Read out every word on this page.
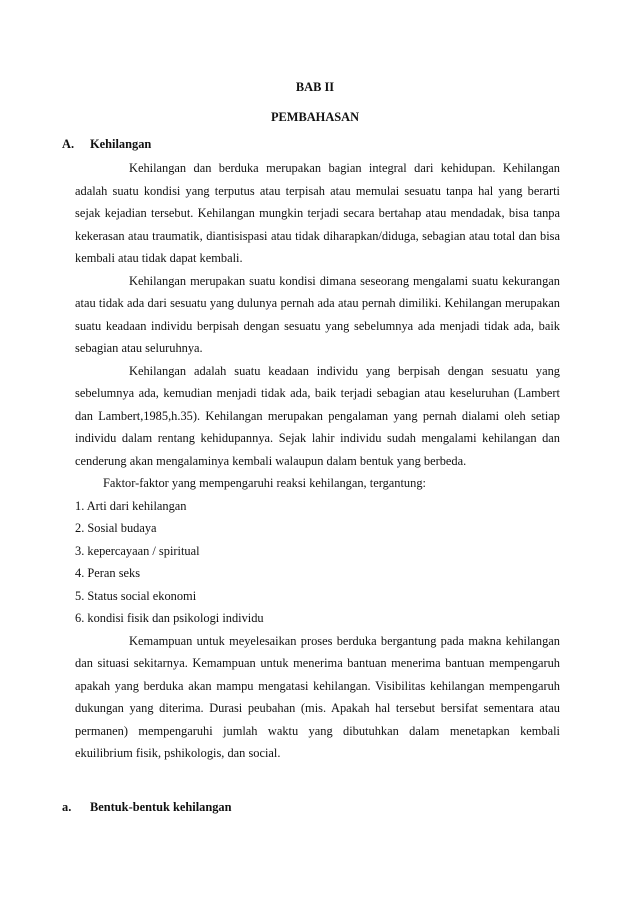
BAB II
PEMBAHASAN
A. Kehilangan

Kehilangan dan berduka merupakan bagian integral dari kehidupan. Kehilangan adalah suatu kondisi yang terputus atau terpisah atau memulai sesuatu tanpa hal yang berarti sejak kejadian tersebut. Kehilangan mungkin terjadi secara bertahap atau mendadak, bisa tanpa kekerasan atau traumatik, diantisispasi atau tidak diharapkan/diduga, sebagian atau total dan bisa kembali atau tidak dapat kembali.

Kehilangan merupakan suatu kondisi dimana seseorang mengalami suatu kekurangan atau tidak ada dari sesuatu yang dulunya pernah ada atau pernah dimiliki. Kehilangan merupakan suatu keadaan individu berpisah dengan sesuatu yang sebelumnya ada menjadi tidak ada, baik sebagian atau seluruhnya.

Kehilangan adalah suatu keadaan individu yang berpisah dengan sesuatu yang sebelumnya ada, kemudian menjadi tidak ada, baik terjadi sebagian atau keseluruhan (Lambert dan Lambert,1985,h.35). Kehilangan merupakan pengalaman yang pernah dialami oleh setiap individu dalam rentang kehidupannya. Sejak lahir individu sudah mengalami kehilangan dan cenderung akan mengalaminya kembali walaupun dalam bentuk yang berbeda.

Faktor-faktor yang mempengaruhi reaksi kehilangan, tergantung:

1. Arti dari kehilangan
2. Sosial budaya
3. kepercayaan / spiritual
4. Peran seks
5. Status social ekonomi
6. kondisi fisik dan psikologi individu

Kemampuan untuk meyelesaikan proses berduka bergantung pada makna kehilangan dan situasi sekitarnya. Kemampuan untuk menerima bantuan menerima bantuan mempengaruh apakah yang berduka akan mampu mengatasi kehilangan. Visibilitas kehilangan mempengaruh dukungan yang diterima. Durasi peubahan (mis. Apakah hal tersebut bersifat sementara atau permanen) mempengaruhi jumlah waktu yang dibutuhkan dalam menetapkan kembali ekuilibrium fisik, pshikologis, dan social.

a. Bentuk-bentuk kehilangan
